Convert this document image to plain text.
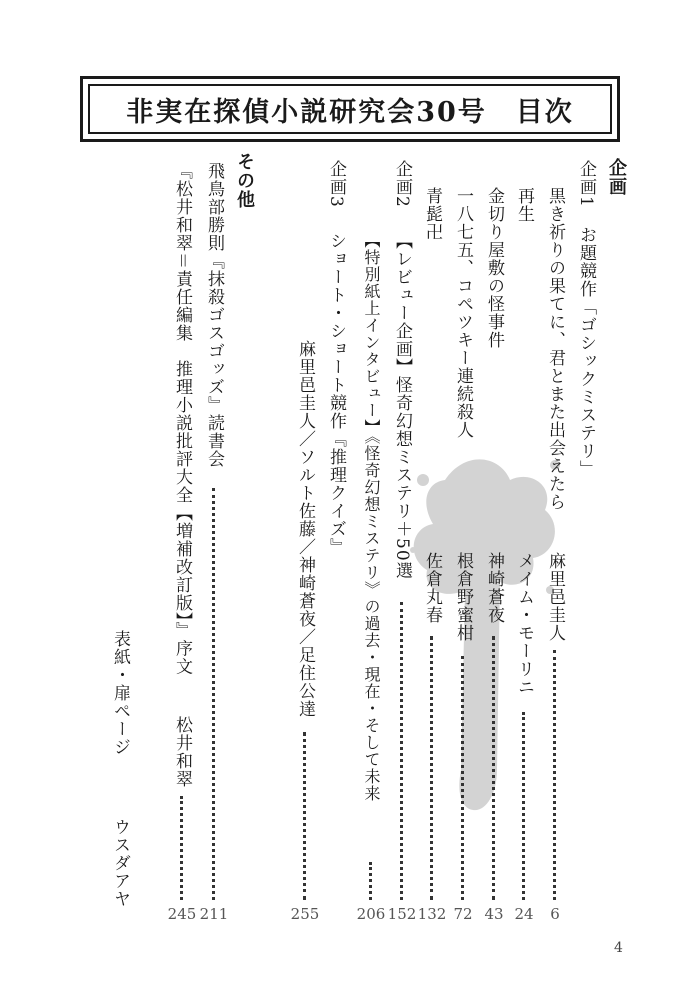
非実在探偵小説研究会30号　目次
企画
企画1　お題競作「ゴシックミステリ」
黒き祈りの果てに、君とまた出会えたら
麻里邑圭人
6
再生
メイム・モーリニ
24
金切り屋敷の怪事件
神崎蒼夜
43
一八七五、コペツキー連続殺人
根倉野蜜柑
72
青髭卍
佐倉丸春
132
企画2
【レビュー企画】怪奇幻想ミステリ＋50選
152
【特別紙上インタビュー】《怪奇幻想ミステリ》の過去・現在・そして未来
206
企画3
ショート・ショート競作『推理クイズ』
麻里邑圭人／ソルト佐藤／神崎蒼夜／足住公達
255
その他
飛鳥部勝則『抹殺ゴスゴッズ』読書会
211
『松井和翠＝責任編集　推理小説批評大全【増補改訂版】』序文
松井和翠
245
表紙・扉ページ
ウスダアヤ
4
